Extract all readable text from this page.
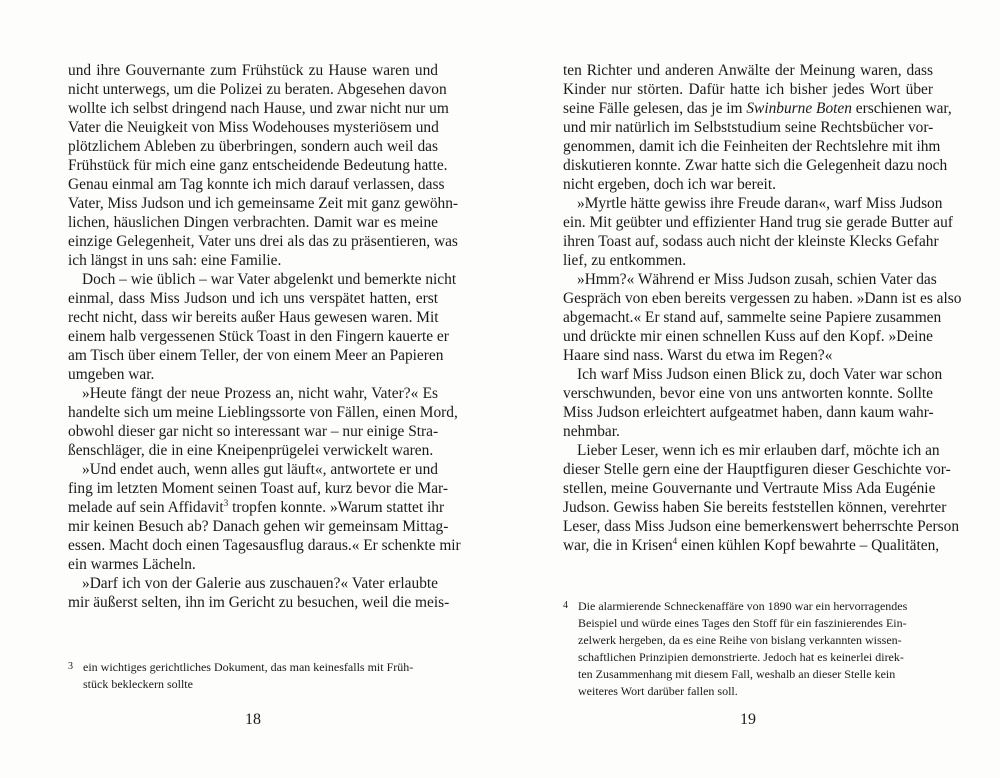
und ihre Gouvernante zum Frühstück zu Hause waren und
nicht unterwegs, um die Polizei zu beraten. Abgesehen davon
wollte ich selbst dringend nach Hause, und zwar nicht nur um
Vater die Neuigkeit von Miss Wodehouses mysteriösem und
plötzlichem Ableben zu überbringen, sondern auch weil das
Frühstück für mich eine ganz entscheidende Bedeutung hatte.
Genau einmal am Tag konnte ich mich darauf verlassen, dass
Vater, Miss Judson und ich gemeinsame Zeit mit ganz gewöhn-
lichen, häuslichen Dingen verbrachten. Damit war es meine
einzige Gelegenheit, Vater uns drei als das zu präsentieren, was
ich längst in uns sah: eine Familie.
Doch – wie üblich – war Vater abgelenkt und bemerkte nicht
einmal, dass Miss Judson und ich uns verspätet hatten, erst
recht nicht, dass wir bereits außer Haus gewesen waren. Mit
einem halb vergessenen Stück Toast in den Fingern kauerte er
am Tisch über einem Teller, der von einem Meer an Papieren
umgeben war.
»Heute fängt der neue Prozess an, nicht wahr, Vater?« Es
handelte sich um meine Lieblingssorte von Fällen, einen Mord,
obwohl dieser gar nicht so interessant war – nur einige Stra-
ßenschläger, die in eine Kneipenprügelei verwickelt waren.
»Und endet auch, wenn alles gut läuft«, antwortete er und
fing im letzten Moment seinen Toast auf, kurz bevor die Mar-
melade auf sein Affidavit$^3$ tropfen konnte. »Warum stattet ihr
mir keinen Besuch ab? Danach gehen wir gemeinsam Mittag-
essen. Macht doch einen Tagesausflug daraus.« Er schenkte mir
ein warmes Lächeln.
»Darf ich von der Galerie aus zuschauen?« Vater erlaubte
mir äußerst selten, ihn im Gericht zu besuchen, weil die meis-
3 ein wichtiges gerichtliches Dokument, das man keinesfalls mit Früh-
stück bekleckern sollte
18
ten Richter und anderen Anwälte der Meinung waren, dass
Kinder nur störten. Dafür hatte ich bisher jedes Wort über
seine Fälle gelesen, das je im Swinburne Boten erschienen war,
und mir natürlich im Selbststudium seine Rechtsbücher vor-
genommen, damit ich die Feinheiten der Rechtslehre mit ihm
diskutieren konnte. Zwar hatte sich die Gelegenheit dazu noch
nicht ergeben, doch ich war bereit.
»Myrtle hätte gewiss ihre Freude daran«, warf Miss Judson
ein. Mit geübter und effizienter Hand trug sie gerade Butter auf
ihren Toast auf, sodass auch nicht der kleinste Klecks Gefahr
lief, zu entkommen.
»Hmm?« Während er Miss Judson zusah, schien Vater das
Gespräch von eben bereits vergessen zu haben. »Dann ist es also
abgemacht.« Er stand auf, sammelte seine Papiere zusammen
und drückte mir einen schnellen Kuss auf den Kopf. »Deine
Haare sind nass. Warst du etwa im Regen?«
Ich warf Miss Judson einen Blick zu, doch Vater war schon
verschwunden, bevor eine von uns antworten konnte. Sollte
Miss Judson erleichtert aufgeatmet haben, dann kaum wahr-
nehmbar.
Lieber Leser, wenn ich es mir erlauben darf, möchte ich an
dieser Stelle gern eine der Hauptfiguren dieser Geschichte vor-
stellen, meine Gouvernante und Vertraute Miss Ada Eugénie
Judson. Gewiss haben Sie bereits feststellen können, verehrter
Leser, dass Miss Judson eine bemerkenswert beherrschte Person
war, die in Krisen$^4$ einen kühlen Kopf bewahrte – Qualitäten,
4 Die alarmierende Schneckenaffäre von 1890 war ein hervorragendes
Beispiel und würde eines Tages den Stoff für ein faszinierendes Ein-
zelwerk hergeben, da es eine Reihe von bislang verkannten wissen-
schaftlichen Prinzipien demonstrierte. Jedoch hat es keinerlei direk-
ten Zusammenhang mit diesem Fall, weshalb an dieser Stelle kein
weiteres Wort darüber fallen soll.
19
